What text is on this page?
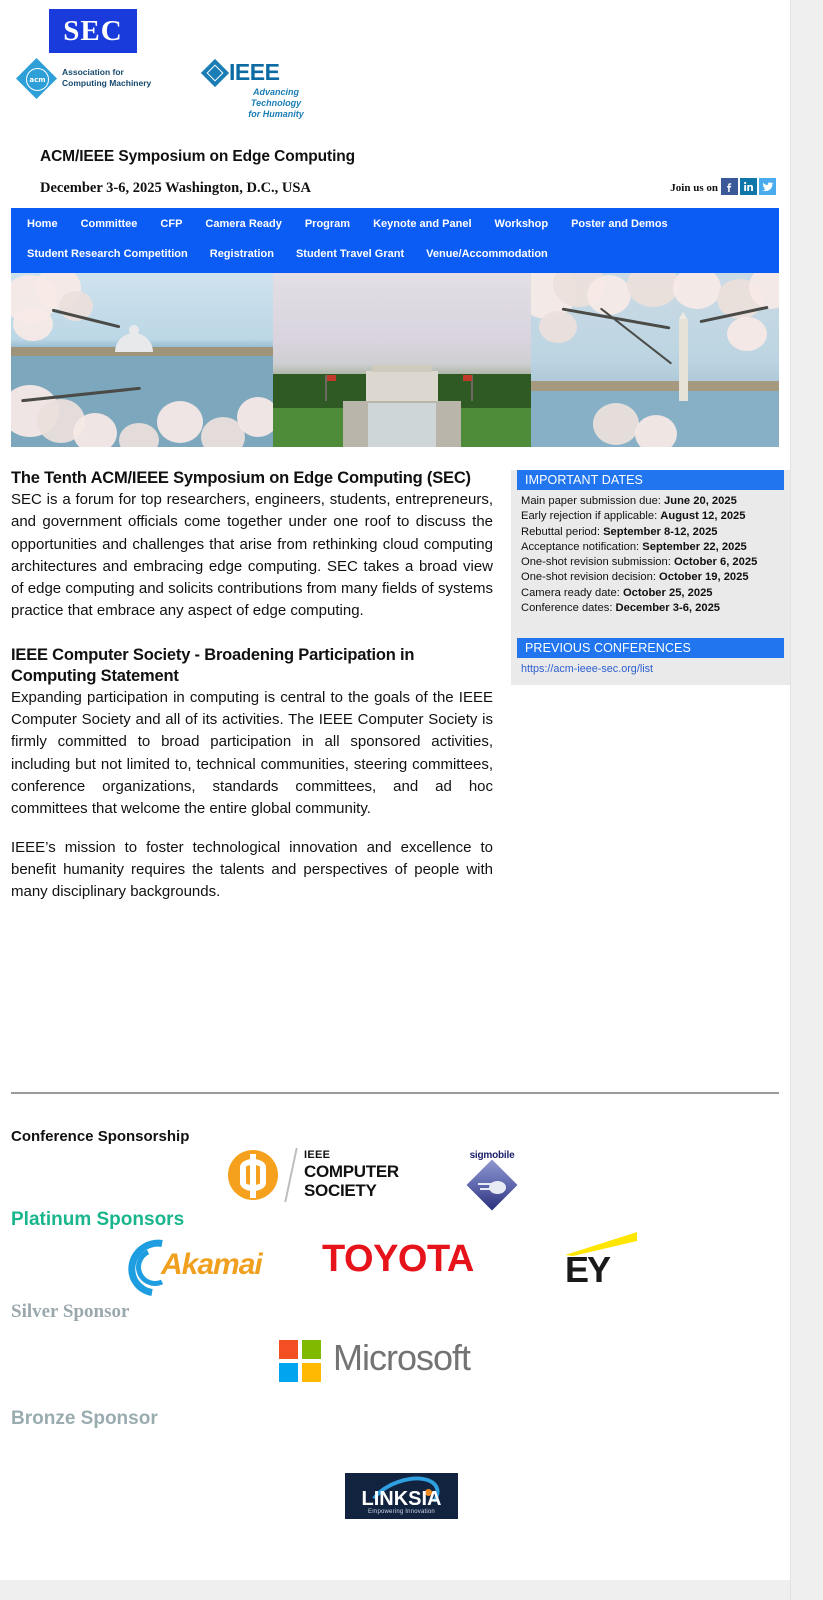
SEC
acm
Association for
Computing Machinery	IEEE
Advancing Technology
for Humanity
ACM/IEEE Symposium on Edge Computing
December 3-6, 2025 Washington, D.C., USA	Join us on
Home Committee CFP Camera Ready Program Keynote and Panel Workshop Poster and Demos
Student Research Competition Registration Student Travel Grant Venue/Accommodation
The Tenth ACM/IEEE Symposium on Edge Computing (SEC)

SEC is a forum for top researchers, engineers, students, entrepreneurs, and government officials come together under one roof to discuss the opportunities and challenges that arise from rethinking cloud computing architectures and embracing edge computing. SEC takes a broad view of edge computing and solicits contributions from many fields of systems practice that embrace any aspect of edge computing.

IEEE Computer Society - Broadening Participation in Computing Statement

Expanding participation in computing is central to the goals of the IEEE Computer Society and all of its activities. The IEEE Computer Society is firmly committed to broad participation in all sponsored activities, including but not limited to, technical communities, steering committees, conference organizations, standards committees, and ad hoc committees that welcome the entire global community.

IEEE’s mission to foster technological innovation and excellence to benefit humanity requires the talents and perspectives of people with many disciplinary backgrounds.

IMPORTANT DATES
Main paper submission due: June 20, 2025
Early rejection if applicable: August 12, 2025
Rebuttal period: September 8-12, 2025
Acceptance notification: September 22, 2025
One-shot revision submission: October 6, 2025
One-shot revision decision: October 19, 2025
Camera ready date: October 25, 2025
Conference dates: December 3-6, 2025
PREVIOUS CONFERENCES
https://acm-ieee-sec.org/list
Conference Sponsorship
IEEE
COMPUTER
SOCIETY
sigmobile
Platinum Sponsors
Akamai TOYOTA	EY
Silver Sponsor
Microsoft
Bronze Sponsor
LINKSIA
Empowering Innovation
